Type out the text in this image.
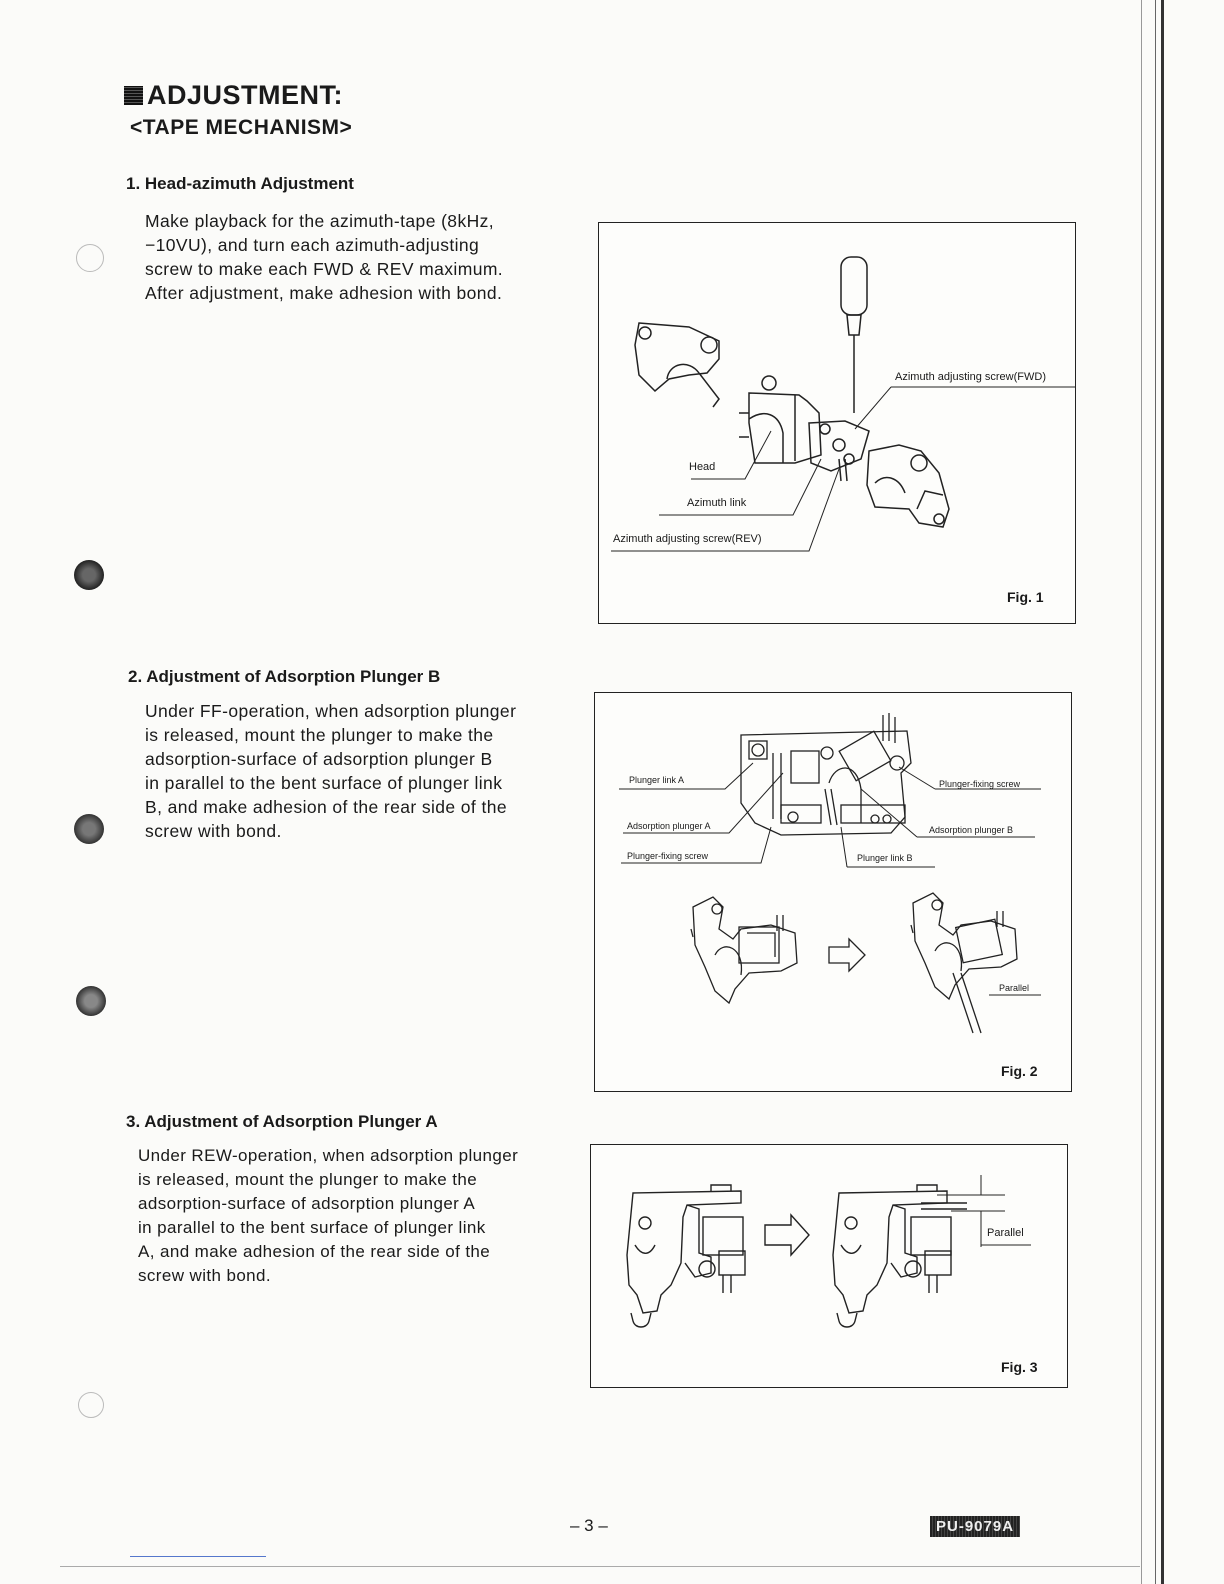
ADJUSTMENT:
<TAPE MECHANISM>
1. Head-azimuth Adjustment
Make playback for the azimuth-tape (8kHz,
−10VU), and turn each azimuth-adjusting
screw to make each FWD & REV maximum.
After adjustment, make adhesion with bond.
Azimuth adjusting screw(FWD)
Head
Azimuth link
Azimuth adjusting screw(REV)
Fig. 1
2. Adjustment of Adsorption Plunger B
Under FF-operation, when adsorption plunger
is released, mount the plunger to make the
adsorption-surface of adsorption plunger B
in parallel to the bent surface of plunger link
B, and make adhesion of the rear side of the
screw with bond.
Plunger link A	Plunger-fixing screw
Adsorption plunger A	Adsorption plunger B
Plunger-fixing screw	Plunger link B
Parallel
Fig. 2
3. Adjustment of Adsorption Plunger A
Under REW-operation, when adsorption plunger
is released, mount the plunger to make the
adsorption-surface of adsorption plunger A
in parallel to the bent surface of plunger link
A, and make adhesion of the rear side of the
screw with bond.
Parallel
Fig. 3
– 3 –	PU-9079A
